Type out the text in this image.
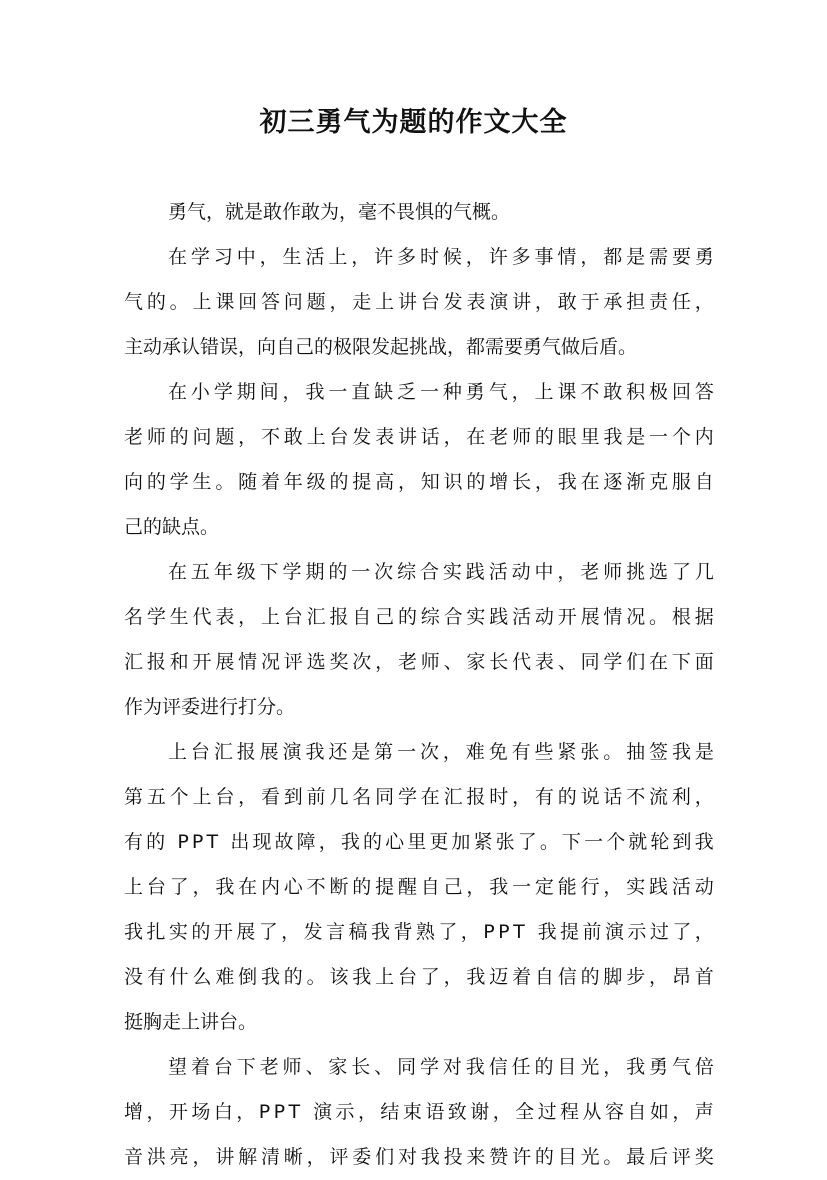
初三勇气为题的作文大全
勇气，就是敢作敢为，毫不畏惧的气概。
在 学 习 中 ， 生 活 上 ， 许 多 时 候 ， 许 多 事 情 ， 都 是 需 要 勇
气 的 。 上 课 回 答 问 题 ， 走 上 讲 台 发 表 演 讲 ， 敢 于 承 担 责 任 ，
主动承认错误，向自己的极限发起挑战，都需要勇气做后盾。
在 小 学 期 间 ， 我 一 直 缺 乏 一 种 勇 气 ， 上 课 不 敢 积 极 回 答
老 师 的 问 题 ， 不 敢 上 台 发 表 讲 话 ， 在 老 师 的 眼 里 我 是 一 个 内
向 的 学 生 。 随 着 年 级 的 提 高 ， 知 识 的 增 长 ， 我 在 逐 渐 克 服 自
己的缺点。
在 五 年 级 下 学 期 的 一 次 综 合 实 践 活 动 中 ， 老 师 挑 选 了 几
名 学 生 代 表 ， 上 台 汇 报 自 己 的 综 合 实 践 活 动 开 展 情 况 。 根 据
汇 报 和 开 展 情 况 评 选 奖 次 ， 老 师 、 家 长 代 表 、 同 学 们 在 下 面
作为评委进行打分。
上 台 汇 报 展 演 我 还 是 第 一 次 ， 难 免 有 些 紧 张 。 抽 签 我 是
第 五 个 上 台 ， 看 到 前 几 名 同 学 在 汇 报 时 ， 有 的 说 话 不 流 利 ，
有 的
P P T
出 现 故 障 ， 我 的 心 里 更 加 紧 张 了 。 下 一 个 就 轮 到 我
上 台 了 ， 我 在 内 心 不 断 的 提 醒 自 己 ， 我 一 定 能 行 ， 实 践 活 动
我 扎 实 的 开 展 了 ， 发 言 稿 我 背 熟 了 ， P P T
我 提 前 演 示 过 了 ，
没 有 什 么 难 倒 我 的 。 该 我 上 台 了 ， 我 迈 着 自 信 的 脚 步 ， 昂 首
挺胸走上讲台。
望 着 台 下 老 师 、 家 长 、 同 学 对 我 信 任 的 目 光 ， 我 勇 气 倍
增 ， 开 场 白 ， P P T
演 示 ， 结 束 语 致 谢 ， 全 过 程 从 容 自 如 ， 声
音 洪 亮 ， 讲 解 清 晰 ， 评 委 们 对 我 投 来 赞 许 的 目 光 。 最 后 评 奖
